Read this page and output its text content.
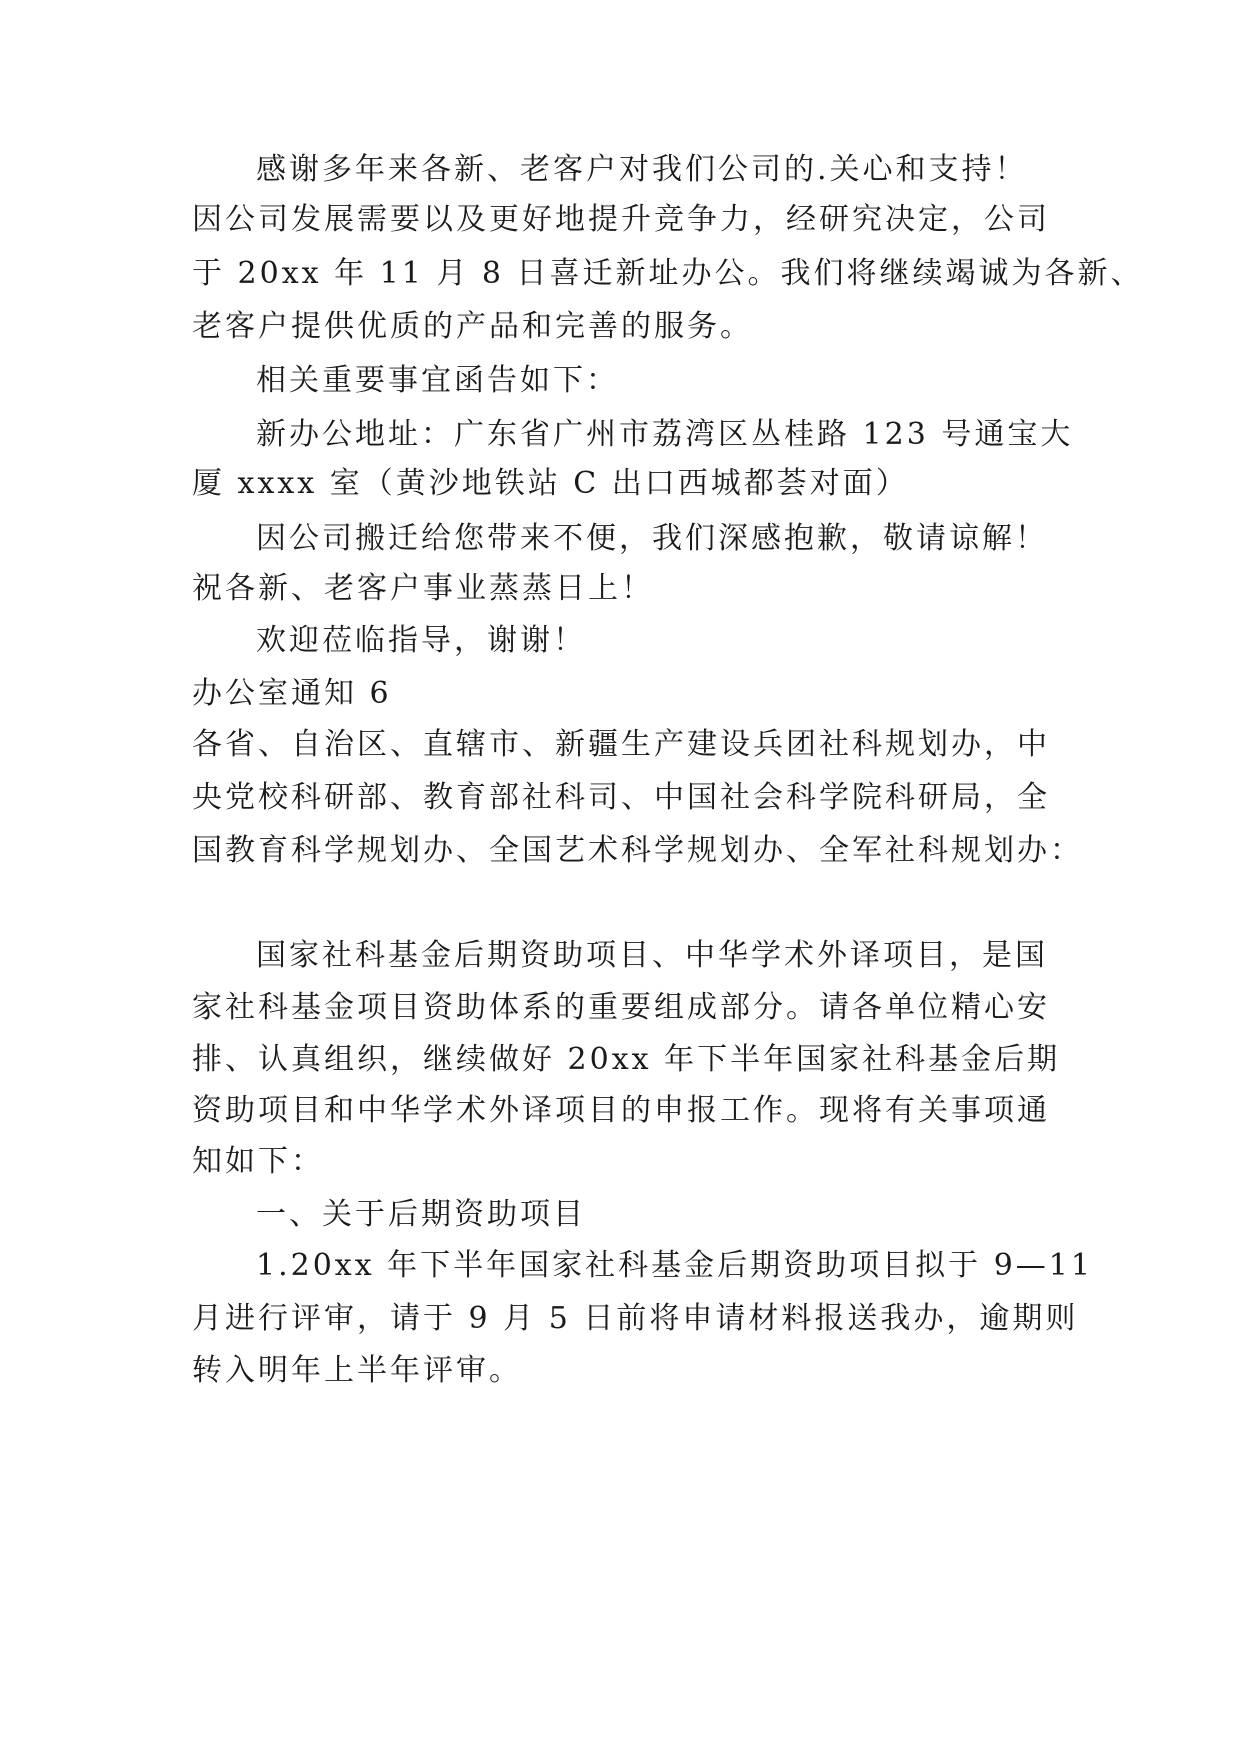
感谢多年来各新、老客户对我们公司的.关心和支持！
因公司发展需要以及更好地提升竞争力，经研究决定，公司
于 20xx 年 11 月 8 日喜迁新址办公。我们将继续竭诚为各新、
老客户提供优质的产品和完善的服务。
相关重要事宜函告如下：
新办公地址：广东省广州市荔湾区丛桂路 123 号通宝大
厦 xxxx 室（黄沙地铁站 C 出口西城都荟对面）
因公司搬迁给您带来不便，我们深感抱歉，敬请谅解！
祝各新、老客户事业蒸蒸日上！
欢迎莅临指导，谢谢！
办公室通知 6
各省、自治区、直辖市、新疆生产建设兵团社科规划办，中
央党校科研部、教育部社科司、中国社会科学院科研局，全
国教育科学规划办、全国艺术科学规划办、全军社科规划办：
国家社科基金后期资助项目、中华学术外译项目，是国
家社科基金项目资助体系的重要组成部分。请各单位精心安
排、认真组织，继续做好 20xx 年下半年国家社科基金后期
资助项目和中华学术外译项目的申报工作。现将有关事项通
知如下：
一、关于后期资助项目
1.20xx 年下半年国家社科基金后期资助项目拟于 9—11
月进行评审，请于 9 月 5 日前将申请材料报送我办，逾期则
转入明年上半年评审。
